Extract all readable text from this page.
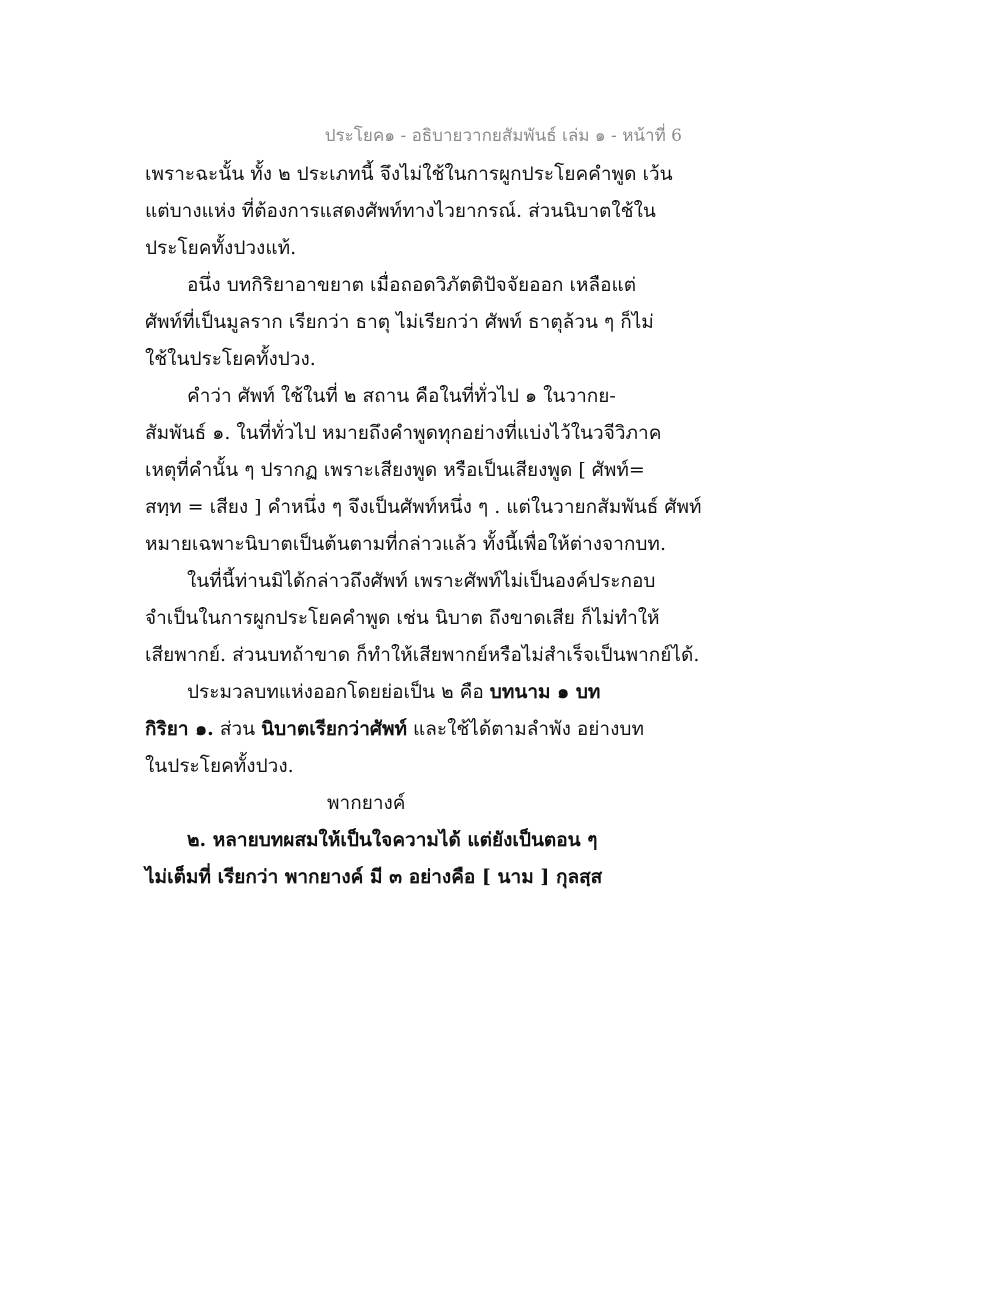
ประโยค๑ - อธิบายวากยสัมพันธ์ เล่ม ๑ - หน้าที่ 6
เพราะฉะนั้น ทั้ง ๒ ประเภทนี้ จึงไม่ใช้ในการผูกประโยคคำพูด เว้น
แต่บางแห่ง ที่ต้องการแสดงศัพท์ทางไวยากรณ์. ส่วนนิบาตใช้ใน
ประโยคทั้งปวงแท้.
อนึ่ง บทกิริยาอาขยาต เมื่อถอดวิภัตติปัจจัยออก เหลือแต่
ศัพท์ที่เป็นมูลราก เรียกว่า ธาตุ ไม่เรียกว่า ศัพท์ ธาตุล้วน ๆ ก็ไม่
ใช้ในประโยคทั้งปวง.
คำว่า ศัพท์ ใช้ในที่ ๒ สถาน คือในที่ทั่วไป ๑ ในวากย-
สัมพันธ์ ๑. ในที่ทั่วไป หมายถึงคำพูดทุกอย่างที่แบ่งไว้ในวจีวิภาค
เหตุที่คำนั้น ๆ ปรากฏ เพราะเสียงพูด หรือเป็นเสียงพูด [ ศัพท์=
สทฺท = เสียง ] คำหนึ่ง ๆ จึงเป็นศัพท์หนึ่ง ๆ . แต่ในวายกสัมพันธ์ ศัพท์
หมายเฉพาะนิบาตเป็นต้นตามที่กล่าวแล้ว ทั้งนี้เพื่อให้ต่างจากบท.
ในที่นี้ท่านมิได้กล่าวถึงศัพท์ เพราะศัพท์ไม่เป็นองค์ประกอบ
จำเป็นในการผูกประโยคคำพูด เช่น นิบาต ถึงขาดเสีย ก็ไม่ทำให้
เสียพากย์. ส่วนบทถ้าขาด ก็ทำให้เสียพากย์หรือไม่สำเร็จเป็นพากย์ได้.
ประมวลบทแห่งออกโดยย่อเป็น ๒ คือ บทนาม ๑ บท
กิริยา ๑. ส่วน นิบาตเรียกว่าศัพท์ และใช้ได้ตามลำพัง อย่างบท
ในประโยคทั้งปวง.
พากยางค์
๒. หลายบทผสมให้เป็นใจความได้ แต่ยังเป็นตอน ๆ
ไม่เต็มที่ เรียกว่า พากยางค์ มี ๓ อย่างคือ [ นาม ] กุลสฺส
